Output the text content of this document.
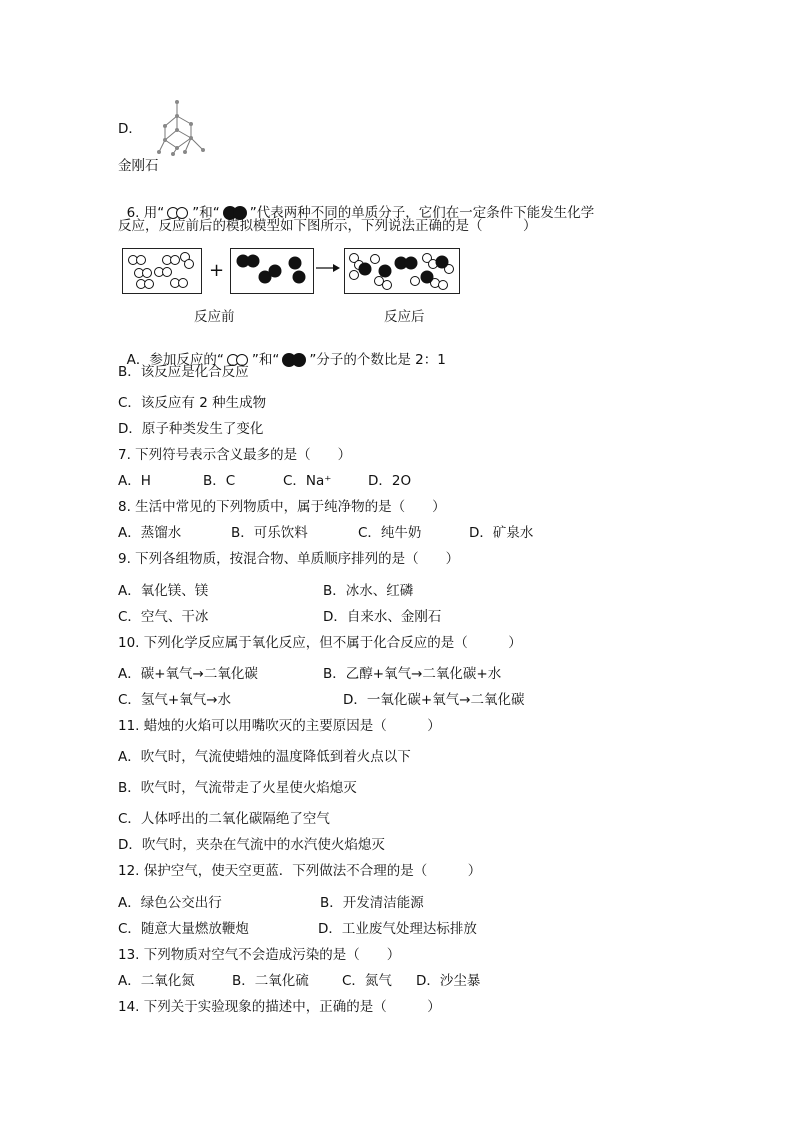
D．
金刚石

6. 用“ ”和“ ”代表两种不同的单质分子，它们在一定条件下能发生化学

反应，反应前后的模拟模型如下图所示，下列说法正确的是（　　　）
+
反应前	反应后

A．参加反应的“ ”和“ ”分子的个数比是 2：1

B．该反应是化合反应
C．该反应有 2 种生成物
D．原子种类发生了变化
7. 下列符号表示含义最多的是（　　）
A．H	B．C	C．Na⁺	D．2O
8. 生活中常见的下列物质中，属于纯净物的是（　　）
A．蒸馏水	B．可乐饮料	C．纯牛奶	D．矿泉水
9. 下列各组物质，按混合物、单质顺序排列的是（　　）
A．氧化镁、镁	B．冰水、红磷
C．空气、干冰	D．自来水、金刚石
10. 下列化学反应属于氧化反应，但不属于化合反应的是（　　　）
A．碳+氧气→二氧化碳	B．乙醇+氧气→二氧化碳+水
C．氢气+氧气→水	D．一氧化碳+氧气→二氧化碳
11. 蜡烛的火焰可以用嘴吹灭的主要原因是（　　　）
A．吹气时，气流使蜡烛的温度降低到着火点以下
B．吹气时，气流带走了火星使火焰熄灭
C．人体呼出的二氧化碳隔绝了空气
D．吹气时，夹杂在气流中的水汽使火焰熄灭
12. 保护空气，使天空更蓝．下列做法不合理的是（　　　）
A．绿色公交出行	B．开发清洁能源
C．随意大量燃放鞭炮	D．工业废气处理达标排放
13. 下列物质对空气不会造成污染的是（　　）
A．二氧化氮	B．二氧化硫 C．氮气 D．沙尘暴
14. 下列关于实验现象的描述中，正确的是（　　　）
